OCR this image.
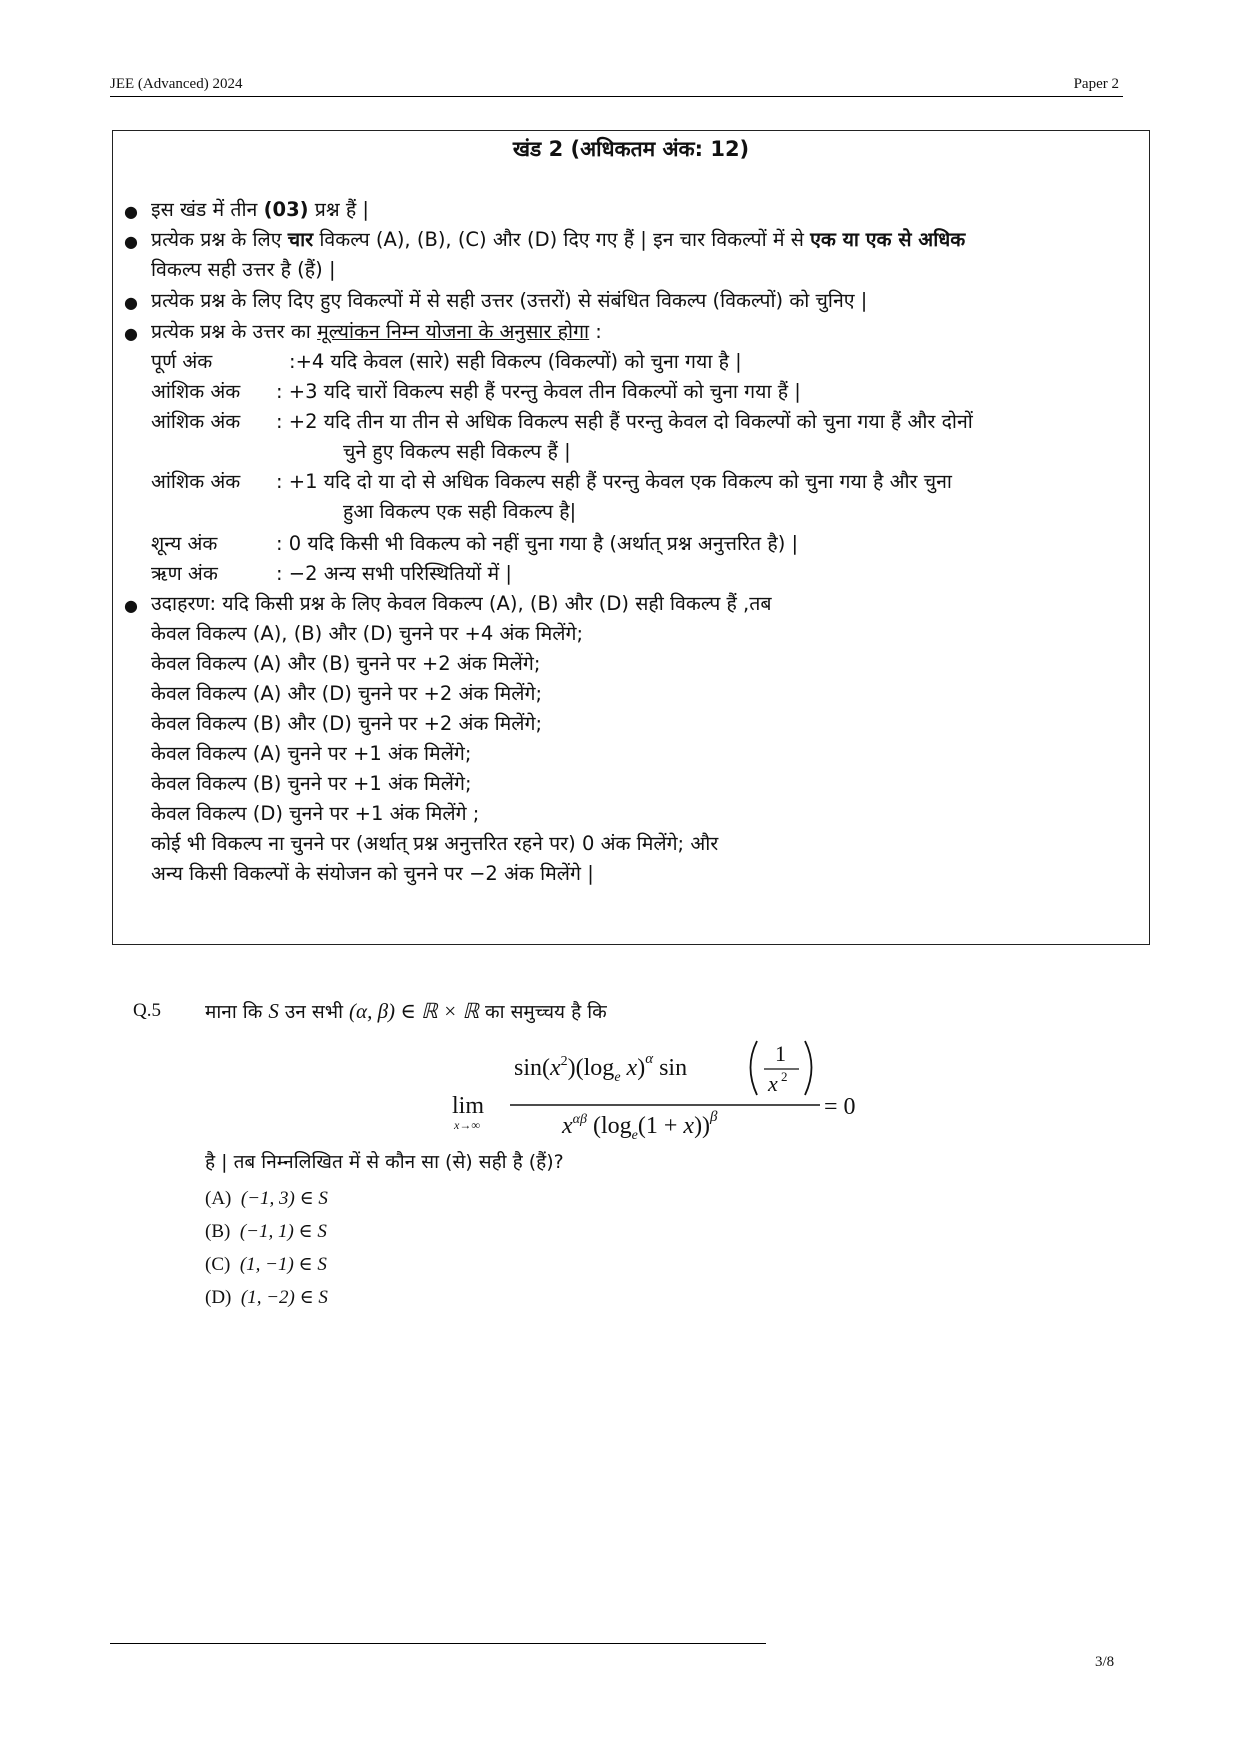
JEE (Advanced) 2024	Paper 2
खंड 2 (अधिकतम अंक: 12)
● इस खंड में तीन (03) प्रश्न हैं |
● प्रत्येक प्रश्न के लिए चार विकल्प (A), (B), (C) और (D) दिए गए हैं | इन चार विकल्पों में से एक या एक से अधिक
विकल्प सही उत्तर है (हैं) |
● प्रत्येक प्रश्न के लिए दिए हुए विकल्पों में से सही उत्तर (उत्तरों) से संबंधित विकल्प (विकल्पों) को चुनिए |
● प्रत्येक प्रश्न के उत्तर का मूल्यांकन निम्न योजना के अनुसार होगा :
पूर्ण अंक	:+4 यदि केवल (सारे) सही विकल्प (विकल्पों) को चुना गया है |
आंशिक अंक : +3 यदि चारों विकल्प सही हैं परन्तु केवल तीन विकल्पों को चुना गया हैं |
आंशिक अंक : +2 यदि तीन या तीन से अधिक विकल्प सही हैं परन्तु केवल दो विकल्पों को चुना गया हैं और दोनों
चुने हुए विकल्प सही विकल्प हैं |
आंशिक अंक : +1 यदि दो या दो से अधिक विकल्प सही हैं परन्तु केवल एक विकल्प को चुना गया है और चुना
हुआ विकल्प एक सही विकल्प है|
शून्य अंक	: 0 यदि किसी भी विकल्प को नहीं चुना गया है (अर्थात् प्रश्न अनुत्तरित है) |
ऋण अंक	: −2 अन्य सभी परिस्थितियों में |
● उदाहरण: यदि किसी प्रश्न के लिए केवल विकल्प (A), (B) और (D) सही विकल्प हैं ,तब
केवल विकल्प (A), (B) और (D) चुनने पर +4 अंक मिलेंगे;
केवल विकल्प (A) और (B) चुनने पर +2 अंक मिलेंगे;
केवल विकल्प (A) और (D) चुनने पर +2 अंक मिलेंगे;
केवल विकल्प (B) और (D) चुनने पर +2 अंक मिलेंगे;
केवल विकल्प (A) चुनने पर +1 अंक मिलेंगे;
केवल विकल्प (B) चुनने पर +1 अंक मिलेंगे;
केवल विकल्प (D) चुनने पर +1 अंक मिलेंगे ;
कोई भी विकल्प ना चुनने पर (अर्थात् प्रश्न अनुत्तरित रहने पर) 0 अंक मिलेंगे; और
अन्य किसी विकल्पों के संयोजन को चुनने पर −2 अंक मिलेंगे |
Q.5 माना कि S उन सभी (α, β) ∈ ℝ × ℝ का समुच्चय है कि
lim
x→∞
$\sin(x^2)(\log_e$ x)$^\alpha$ sin
1
x 2
$x^{\alpha\beta}$ $(\log_e(1 + x))^\beta$	= 0
है | तब निम्नलिखित में से कौन सा (से) सही है (हैं)?
(A) (−1, 3) ∈ S
(B) (−1, 1) ∈ S
(C) (1, −1) ∈ S
(D) (1, −2) ∈ S
3/8
